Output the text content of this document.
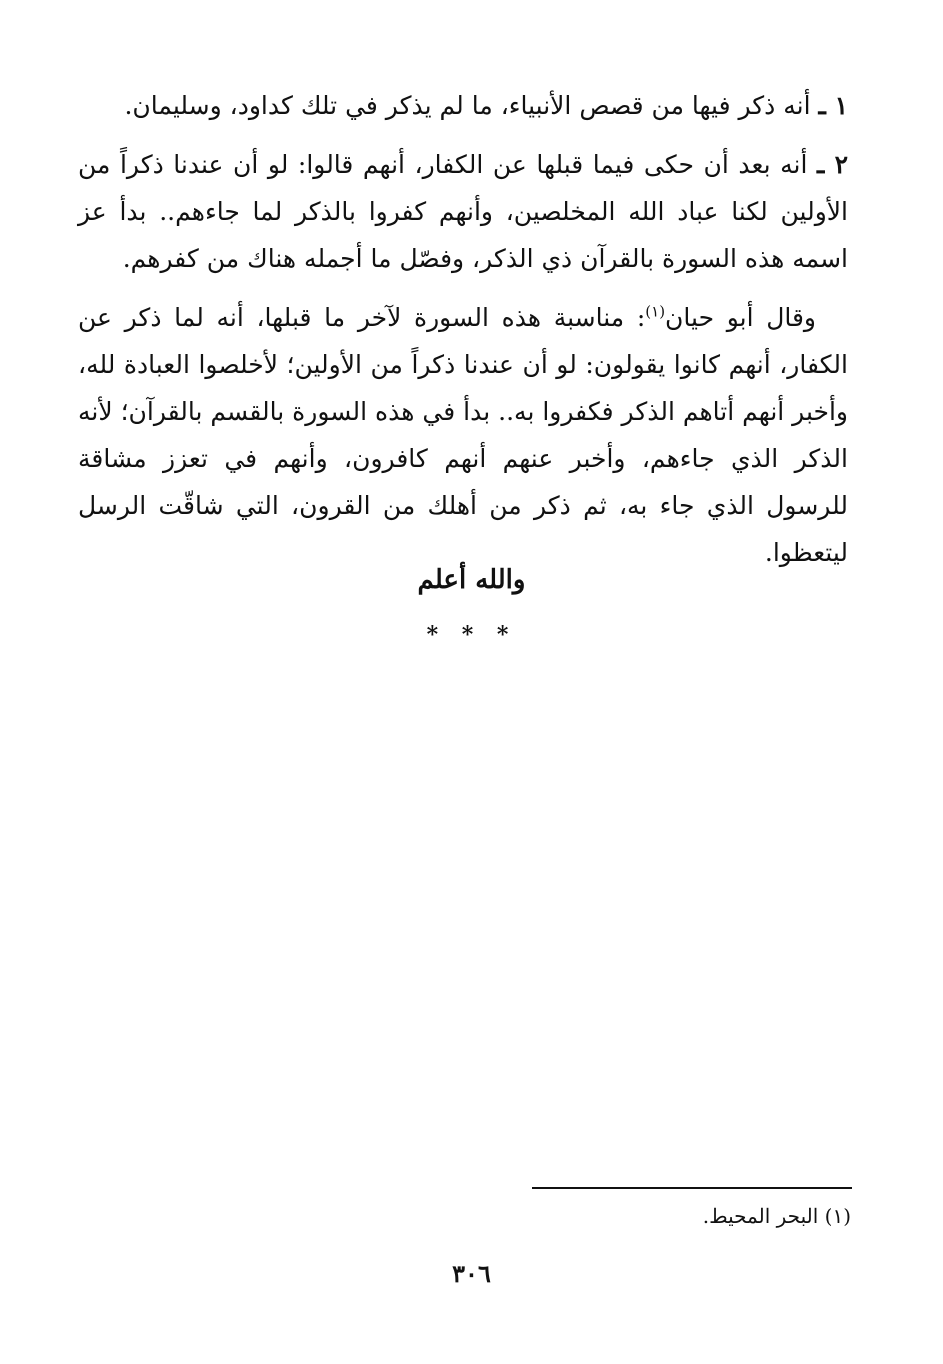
١ ـ أنه ذكر فيها من قصص الأنبياء، ما لم يذكر في تلك كداود، وسليمان.

٢ ـ أنه بعد أن حكى فيما قبلها عن الكفار، أنهم قالوا: لو أن عندنا ذكراً من الأولين لكنا عباد الله المخلصين، وأنهم كفروا بالذكر لما جاءهم.. بدأ عز اسمه هذه السورة بالقرآن ذي الذكر، وفصّل ما أجمله هناك من كفرهم.

وقال أبو حيان$^{(١)}$: مناسبة هذه السورة لآخر ما قبلها، أنه لما ذكر عن الكفار، أنهم كانوا يقولون: لو أن عندنا ذكراً من الأولين؛ لأخلصوا العبادة لله، وأخبر أنهم أتاهم الذكر فكفروا به.. بدأ في هذه السورة بالقسم بالقرآن؛ لأنه الذكر الذي جاءهم، وأخبر عنهم أنهم كافرون، وأنهم في تعزز مشاقة للرسول الذي جاء به، ثم ذكر من أهلك من القرون، التي شاقّت الرسل ليتعظوا.

والله أعلم
* * *
(١) البحر المحيط.
٣٠٦
